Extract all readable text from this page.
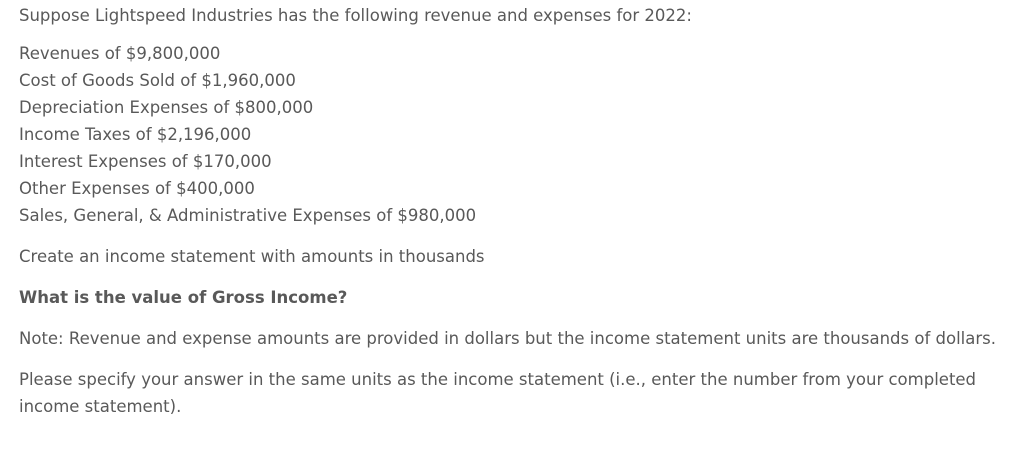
Suppose Lightspeed Industries has the following revenue and expenses for 2022:

Revenues of $9,800,000
Cost of Goods Sold of $1,960,000
Depreciation Expenses of $800,000
Income Taxes of $2,196,000
Interest Expenses of $170,000
Other Expenses of $400,000
Sales, General, & Administrative Expenses of $980,000

Create an income statement with amounts in thousands

What is the value of Gross Income?

Note: Revenue and expense amounts are provided in dollars but the income statement units are thousands of dollars.

Please specify your answer in the same units as the income statement (i.e., enter the number from your completed income statement).
